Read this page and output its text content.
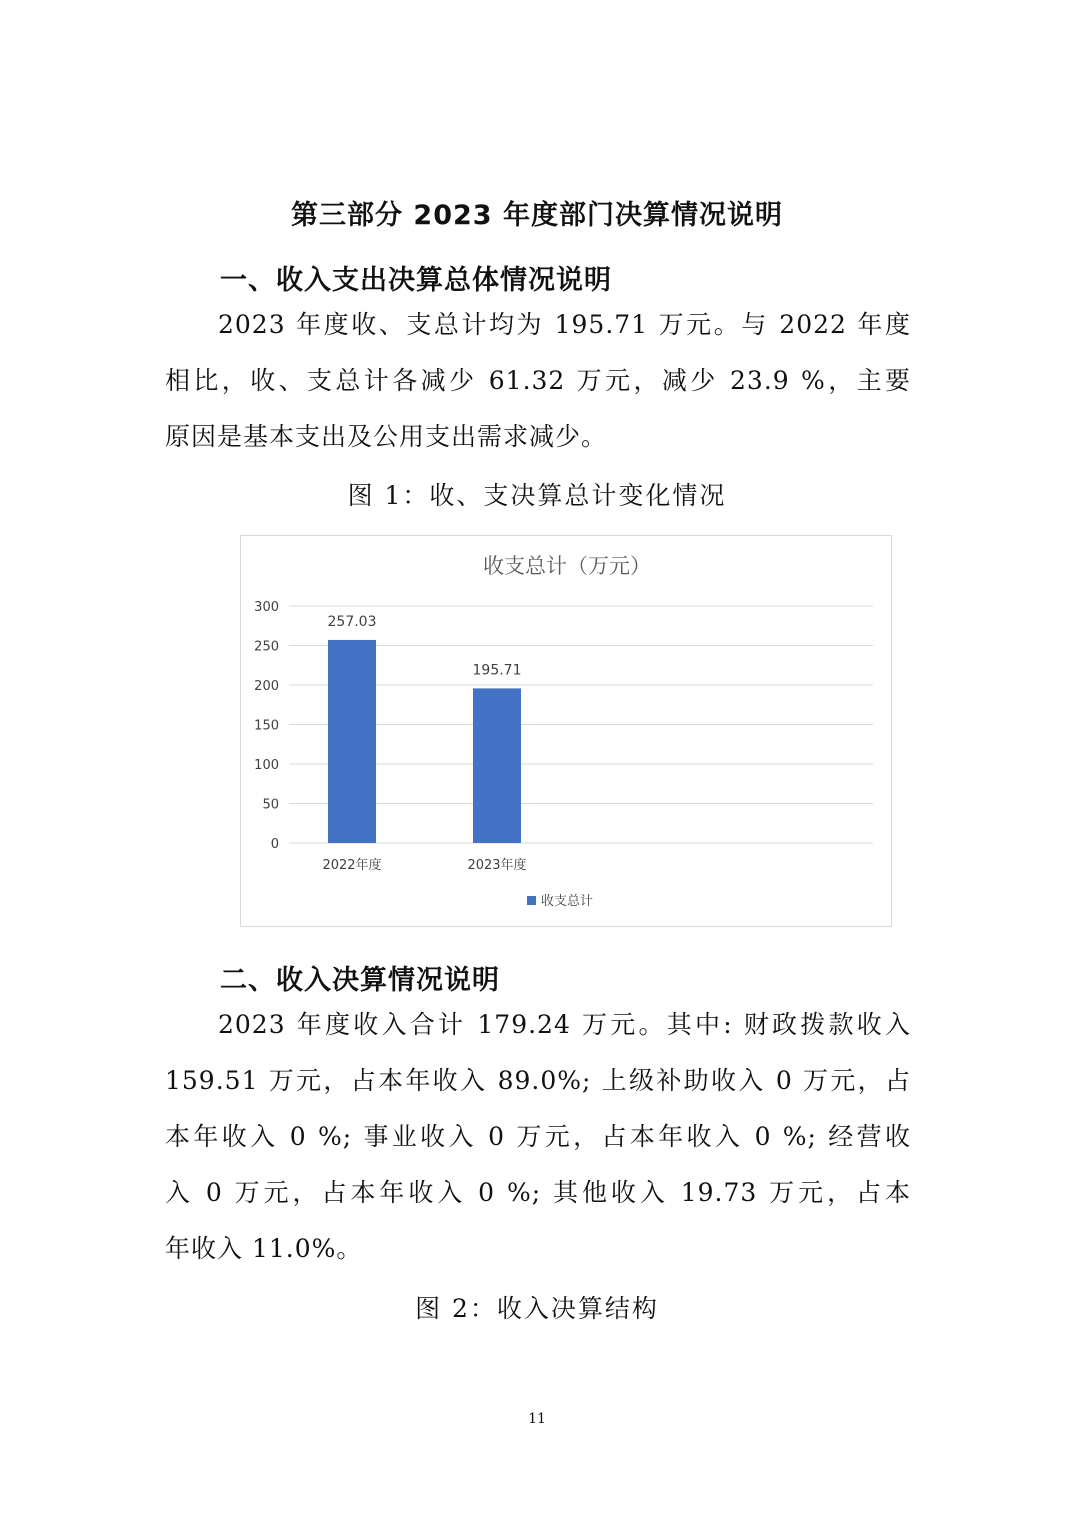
第三部分 2023 年度部门决算情况说明
一、收入支出决算总体情况说明
2023 年度收、支总计均为 195.71 万元。与 2022 年度
相比，收、支总计各减少 61.32 万元，减少 23.9 %，主要
原因是基本支出及公用支出需求减少。
图 1：收、支决算总计变化情况
收支总计（万元）
0
50
100
150
200
250
300
257.03
2022年度
195.71
2023年度
收支总计
二、收入决算情况说明
2023 年度收入合计 179.24 万元。其中: 财政拨款收入
159.51 万元，占本年收入 89.0%; 上级补助收入 0 万元，占
本年收入 0 %; 事业收入 0 万元，占本年收入 0 %; 经营收
入 0 万元，占本年收入 0 %; 其他收入 19.73 万元，占本
年收入 11.0%。
图 2：收入决算结构
11
